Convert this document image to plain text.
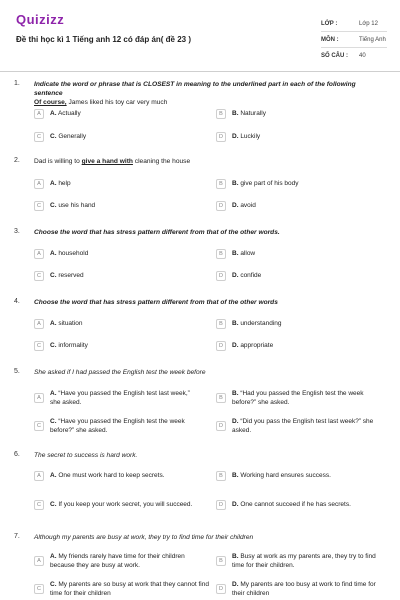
Quizizz
Đề thi học kì 1 Tiếng anh 12 có đáp án( đề 23 )
LỚP :	Lớp 12
MÔN :	Tiếng Anh
SỐ CÂU : 40
1. Indicate the word or phrase that is CLOSEST in meaning to the underlined part in each of the following sentence
Of course, James liked his toy car very much
A	A. Actually	B	B. Naturally
C	C. Generally	D	D. Luckily
2. Dad is willing to give a hand with cleaning the house
A	A. help	B	B. give part of his body
C	C. use his hand	D	D. avoid
3. Choose the word that has stress pattern different from that of the other words.
A	A. household	B	B. allow
C	C. reserved	D	D. confide
4. Choose the word that has stress pattern different from that of the other words
A	A. situation	B	B. understanding
C	C. informality	D	D. appropriate
5. She asked if I had passed the English test the week before
A
A. “Have you passed the English test last week,” she asked.
B
B. “Had you passed the English test the week before?” she asked.
C
C. “Have you passed the English test the week before?” she asked.
D
D. “Did you pass the English test last week?” she asked.
6. The secret to success is hard work.
A	A. One must work hard to keep secrets.	B	B. Working hard ensures success.
C	C. If you keep your work secret, you will succeed.	D	D. One cannot succeed if he has secrets.
7. Although my parents are busy at work, they try to find time for their children
A
A. My friends rarely have time for their children because they are busy at work.
B
B. Busy at work as my parents are, they try to find time for their children.
C
C. My parents are so busy at work that they cannot find time for their children
D
D. My parents are too busy at work to find time for their children
